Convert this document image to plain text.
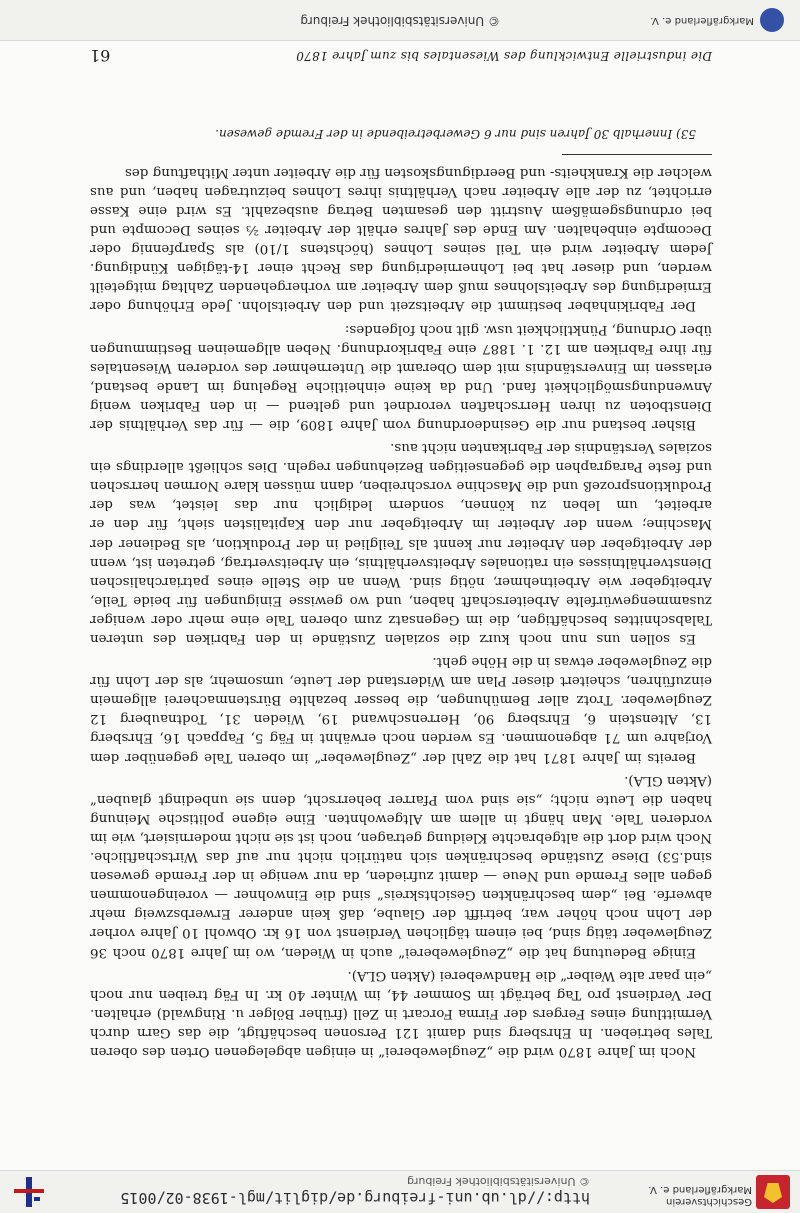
Geschichtsverein Markgräflerland e. V.
http://dl.ub.uni-freiburg.de/diglit/mgl-1938-02/0015
© Universitätsbibliothek Freiburg

Noch im Jahre 1870 wird die „Zeugleweberei“ in einigen abgelegenen Orten des oberen Tales betrieben. In Ehrsberg sind damit 121 Personen beschäftigt, die das Garn durch Vermittlung eines Fergers der Firma Forcart in Zell (früher Bölger u. Ringwald) erhalten. Der Verdienst pro Tag beträgt im Sommer 44, im Winter 40 kr. In Fäg treiben nur noch „ein paar alte Weiber“ die Handweberei (Akten GLA).

Einige Bedeutung hat die „Zeugleweberei“ auch in Wieden, wo im Jahre 1870 noch 36 Zeugleweber tätig sind, bei einem täglichen Verdienst von 16 kr. Obwohl 10 Jahre vorher der Lohn noch höher war, betrifft der Glaube, daß kein anderer Erwerbszweig mehr abwerfe. Bei „dem beschränkten Gesichtskreis“ sind die Einwohner — voreingenommen gegen alles Fremde und Neue — damit zufrieden, da nur wenige in der Fremde gewesen sind.53) Diese Zustände beschränken sich natürlich nicht nur auf das Wirtschaftliche. Noch wird dort die altgebrachte Kleidung getragen, noch ist sie nicht modernisiert, wie im vorderen Tale. Man hängt in allem am Altgewohnten. Eine eigene politische Meinung haben die Leute nicht; „sie sind vom Pfarrer beherrscht, denn sie unbedingt glauben“ (Akten GLA).

Bereits im Jahre 1871 hat die Zahl der „Zeugleweber“ im oberen Tale gegenüber dem Vorjahre um 71 abgenommen. Es werden noch erwähnt in Fäg 5, Fappach 16, Ehrsberg 13, Altenstein 6, Ehrsberg 90, Herrenschwand 19, Wieden 31, Todtnauberg 12 Zeugleweber. Trotz aller Bemühungen, die besser bezahlte Bürstenmacherei allgemein einzuführen, scheitert dieser Plan am Widerstand der Leute, umsomehr, als der Lohn für die Zeugleweber etwas in die Höhe geht.

Es sollen uns nun noch kurz die sozialen Zustände in den Fabriken des unteren Talabschnittes beschäftigen, die im Gegensatz zum oberen Tale eine mehr oder weniger zusammengewürfelte Arbeiterschaft haben, und wo gewisse Einigungen für beide Teile, Arbeitgeber wie Arbeitnehmer, nötig sind. Wenn an die Stelle eines patriarchalischen Dienstverhältnisses ein rationales Arbeitsverhältnis, ein Arbeitsvertrag, getreten ist, wenn der Arbeitgeber den Arbeiter nur kennt als Teilglied in der Produktion, als Bediener der Maschine; wenn der Arbeiter im Arbeitgeber nur den Kapitalisten sieht, für den er arbeitet, um leben zu können, sondern lediglich nur das leistet, was der Produktionsprozeß und die Maschine vorschreiben, dann müssen klare Normen herrschen und feste Paragraphen die gegenseitigen Beziehungen regeln. Dies schließt allerdings ein soziales Verständnis der Fabrikanten nicht aus.

Bisher bestand nur die Gesindeordnung vom Jahre 1809, die — für das Verhältnis der Dienstboten zu ihren Herrschaften verordnet und geltend — in den Fabriken wenig Anwendungsmöglichkeit fand. Und da keine einheitliche Regelung im Lande bestand, erlassen im Einverständnis mit dem Oberamt die Unternehmer des vorderen Wiesentales für ihre Fabriken am 12. 1. 1887 eine Fabrikordnung. Neben allgemeinen Bestimmungen über Ordnung, Pünktlichkeit usw. gilt noch folgendes:

Der Fabrikinhaber bestimmt die Arbeitszeit und den Arbeitslohn. Jede Erhöhung oder Erniedrigung des Arbeitslohnes muß dem Arbeiter am vorhergehenden Zahltag mitgeteilt werden, und dieser hat bei Lohnerniedrigung das Recht einer 14-tägigen Kündigung. Jedem Arbeiter wird ein Teil seines Lohnes (höchstens 1/10) als Sparpfennig oder Decompte einbehalten. Am Ende des Jahres erhält der Arbeiter ⅔ seines Decompte und bei ordnungsgemäßem Austritt den gesamten Betrag ausbezahlt. Es wird eine Kasse errichtet, zu der alle Arbeiter nach Verhältnis ihres Lohnes beizutragen haben, und aus welcher die Krankheits- und Beerdigungskosten für die Arbeiter unter Mithaftung des

53) Innerhalb 30 Jahren sind nur 6 Gewerbetreibende in der Fremde gewesen.

Die industrielle Entwicklung des Wiesentales bis zum Jahre 1870
61
Markgräflerland e. V.
© Universitätsbibliothek Freiburg
